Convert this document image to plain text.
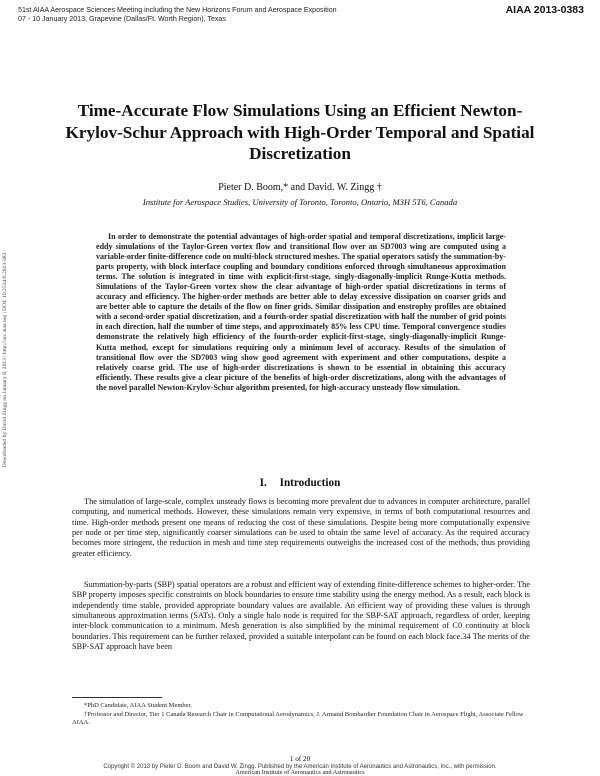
51st AIAA Aerospace Sciences Meeting including the New Horizons Forum and Aerospace Exposition
07 - 10 January 2013, Grapevine (Dallas/Ft. Worth Region), Texas
AIAA 2013-0383
Downloaded by David Zingg on January 8, 2013 | http://arc.aiaa.org | DOI: 10.2514/6.2013-383
Time-Accurate Flow Simulations Using an Efficient Newton-Krylov-Schur Approach with High-Order Temporal and Spatial Discretization
Pieter D. Boom,* and David. W. Zingg †
Institute for Aerospace Studies, University of Toronto, Toronto, Ontario, M3H 5T6, Canada

In order to demonstrate the potential advantages of high-order spatial and temporal discretizations, implicit large-eddy simulations of the Taylor-Green vortex flow and transitional flow over an SD7003 wing are computed using a variable-order finite-difference code on multi-block structured meshes. The spatial operators satisfy the summation-by-parts property, with block interface coupling and boundary conditions enforced through simultaneous approximation terms. The solution is integrated in time with explicit-first-stage, singly-diagonally-implicit Runge-Kutta methods. Simulations of the Taylor-Green vortex show the clear advantage of high-order spatial discretizations in terms of accuracy and efficiency. The higher-order methods are better able to delay excessive dissipation on coarser grids and are better able to capture the details of the flow on finer grids. Similar dissipation and enstrophy profiles are obtained with a second-order spatial discretization, and a fourth-order spatial discretization with half the number of grid points in each direction, half the number of time steps, and approximately 85% less CPU time. Temporal convergence studies demonstrate the relatively high efficiency of the fourth-order explicit-first-stage, singly-diagonally-implicit Runge-Kutta method, except for simulations requiring only a minimum level of accuracy. Results of the simulation of transitional flow over the SD7003 wing show good agreement with experiment and other computations, despite a relatively coarse grid. The use of high-order discretizations is shown to be essential in obtaining this accuracy efficiently. These results give a clear picture of the benefits of high-order discretizations, along with the advantages of the novel parallel Newton-Krylov-Schur algorithm presented, for high-accuracy unsteady flow simulation.

I. Introduction

The simulation of large-scale, complex unsteady flows is becoming more prevalent due to advances in computer architecture, parallel computing, and numerical methods. However, these simulations remain very expensive, in terms of both computational resources and time. High-order methods present one means of reducing the cost of these simulations. Despite being more computationally expensive per node or per time step, significantly coarser simulations can be used to obtain the same level of accuracy. As the required accuracy becomes more stringent, the reduction in mesh and time step requirements outweighs the increased cost of the methods, thus providing greater efficiency.

Summation-by-parts (SBP) spatial operators are a robust and efficient way of extending finite-difference schemes to higher-order. The SBP property imposes specific constraints on block boundaries to ensure time stability using the energy method. As a result, each block is independently time stable, provided appropriate boundary values are available. An efficient way of providing these values is through simultaneous approximation terms (SATs). Only a single halo node is required for the SBP-SAT approach, regardless of order, keeping inter-block communication to a minimum. Mesh generation is also simplified by the minimal requirement of C0 continuity at block boundaries. This requirement can be further relaxed, provided a suitable interpolant can be found on each block face.34 The merits of the SBP-SAT approach have been

*PhD Candidate, AIAA Student Member.

†Professor and Director, Tier 1 Canada Research Chair in Computational Aerodynamics, J. Armand Bombardier Foundation Chair in Aerospace Flight, Associate Fellow AIAA.

1 of 20
Copyright © 2013 by Pieter D. Boom and David W. Zingg. Published by the American Institute of Aeronautics and Astronautics, Inc., with permission.
American Institute of Aeronautics and Astronautics
